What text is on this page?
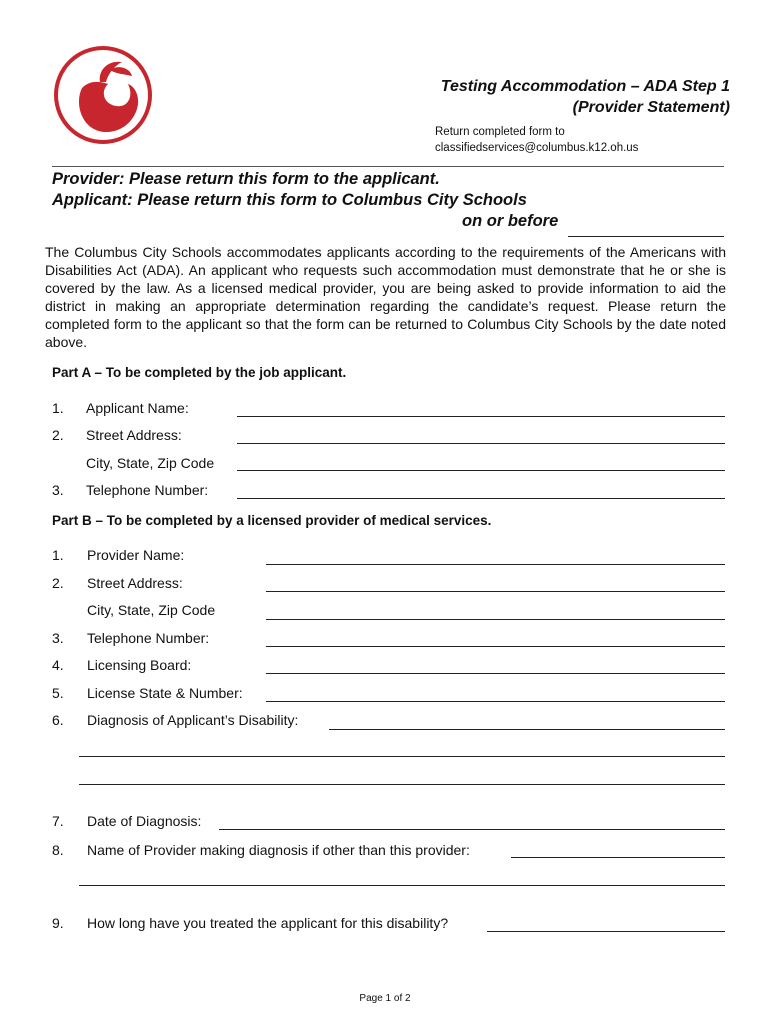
Testing Accommodation – ADA Step 1
(Provider Statement)
Return completed form to
classifiedservices@columbus.k12.oh.us
Provider: Please return this form to the applicant.
Applicant: Please return this form to Columbus City Schools
on or before
The Columbus City Schools accommodates applicants according to the requirements of the Americans with Disabilities Act (ADA). An applicant who requests such accommodation must demonstrate that he or she is covered by the law. As a licensed medical provider, you are being asked to provide information to aid the district in making an appropriate determination regarding the candidate’s request. Please return the completed form to the applicant so that the form can be returned to Columbus City Schools by the date noted above.
Part A – To be completed by the job applicant.
1. Applicant Name:
2. Street Address:
City, State, Zip Code
3. Telephone Number:
Part B – To be completed by a licensed provider of medical services.
1. Provider Name:
2. Street Address:
City, State, Zip Code
3. Telephone Number:
4. Licensing Board:
5. License State & Number:
6. Diagnosis of Applicant’s Disability:
7. Date of Diagnosis:
8. Name of Provider making diagnosis if other than this provider:
9. How long have you treated the applicant for this disability?
Page 1 of 2
